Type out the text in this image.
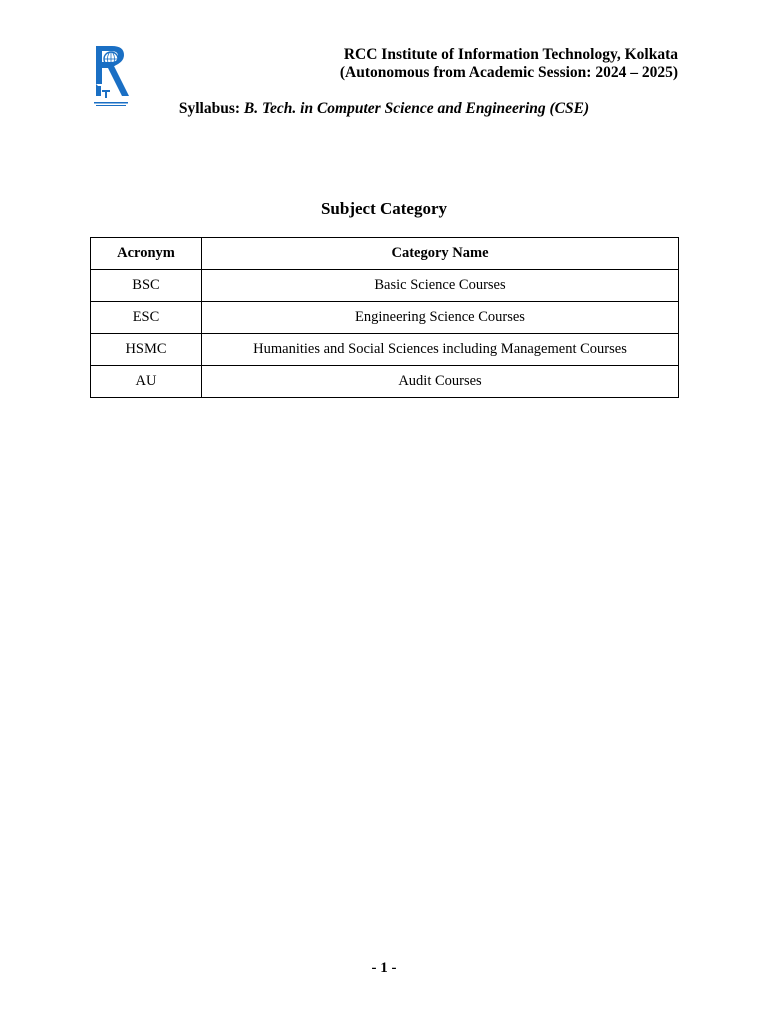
RCC Institute of Information Technology, Kolkata
(Autonomous from Academic Session: 2024 – 2025)
Syllabus: B. Tech. in Computer Science and Engineering (CSE)
Subject Category
Acronym	Category Name
BSC	Basic Science Courses
ESC	Engineering Science Courses
HSMC	Humanities and Social Sciences including Management Courses
AU	Audit Courses
- 1 -
